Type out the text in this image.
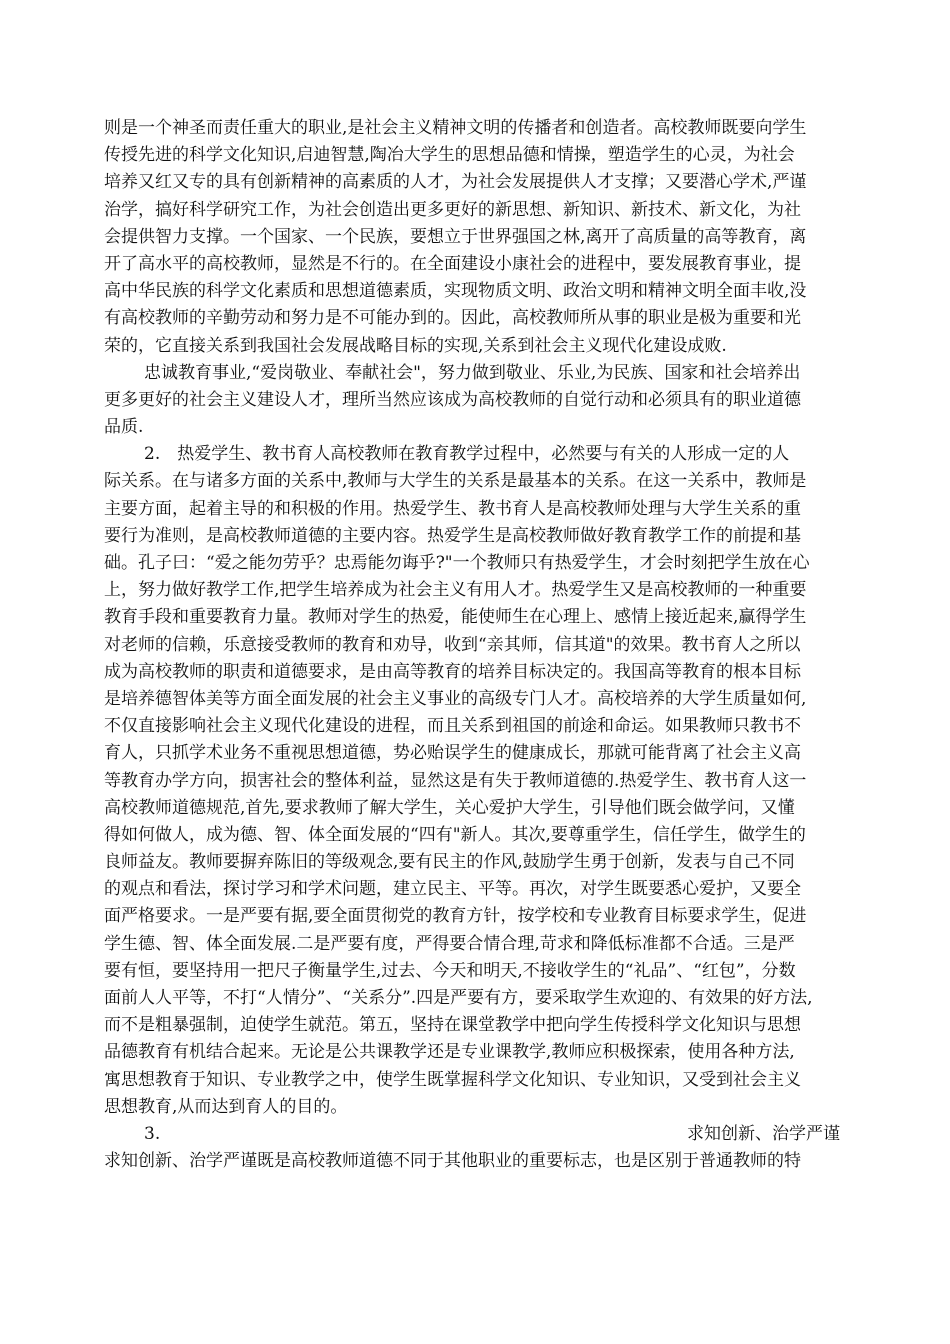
则是一个神圣而责任重大的职业,是社会主义精神文明的传播者和创造者。高校教师既要向学生
传授先进的科学文化知识,启迪智慧,陶冶大学生的思想品德和情操，塑造学生的心灵，为社会
培养又红又专的具有创新精神的高素质的人才，为社会发展提供人才支撑；又要潜心学术,严谨
治学，搞好科学研究工作，为社会创造出更多更好的新思想、新知识、新技术、新文化，为社
会提供智力支撑。一个国家、一个民族，要想立于世界强国之林,离开了高质量的高等教育，离
开了高水平的高校教师，显然是不行的。在全面建设小康社会的进程中，要发展教育事业，提
高中华民族的科学文化素质和思想道德素质，实现物质文明、政治文明和精神文明全面丰收,没
有高校教师的辛勤劳动和努力是不可能办到的。因此，高校教师所从事的职业是极为重要和光
荣的，它直接关系到我国社会发展战略目标的实现,关系到社会主义现代化建设成败.
忠诚教育事业,“爱岗敬业、奉献社会"，努力做到敬业、乐业,为民族、国家和社会培养出
更多更好的社会主义建设人才，理所当然应该成为高校教师的自觉行动和必须具有的职业道德
品质.
2.　热爱学生、教书育人高校教师在教育教学过程中，必然要与有关的人形成一定的人
际关系。在与诸多方面的关系中,教师与大学生的关系是最基本的关系。在这一关系中，教师是
主要方面，起着主导的和积极的作用。热爱学生、教书育人是高校教师处理与大学生关系的重
要行为准则，是高校教师道德的主要内容。热爱学生是高校教师做好教育教学工作的前提和基
础。孔子曰：“爱之能勿劳乎？忠焉能勿诲乎?"一个教师只有热爱学生，才会时刻把学生放在心
上，努力做好教学工作,把学生培养成为社会主义有用人才。热爱学生又是高校教师的一种重要
教育手段和重要教育力量。教师对学生的热爱，能使师生在心理上、感情上接近起来,赢得学生
对老师的信赖，乐意接受教师的教育和劝导，收到“亲其师，信其道"的效果。教书育人之所以
成为高校教师的职责和道德要求，是由高等教育的培养目标决定的。我国高等教育的根本目标
是培养德智体美等方面全面发展的社会主义事业的高级专门人才。高校培养的大学生质量如何,
不仅直接影响社会主义现代化建设的进程，而且关系到祖国的前途和命运。如果教师只教书不
育人，只抓学术业务不重视思想道德，势必贻误学生的健康成长，那就可能背离了社会主义高
等教育办学方向，损害社会的整体利益，显然这是有失于教师道德的.热爱学生、教书育人这一
高校教师道德规范,首先,要求教师了解大学生，关心爱护大学生，引导他们既会做学问，又懂
得如何做人，成为德、智、体全面发展的“四有"新人。其次,要尊重学生，信任学生，做学生的
良师益友。教师要摒弃陈旧的等级观念,要有民主的作风,鼓励学生勇于创新，发表与自己不同
的观点和看法，探讨学习和学术问题，建立民主、平等。再次，对学生既要悉心爱护，又要全
面严格要求。一是严要有据,要全面贯彻党的教育方针，按学校和专业教育目标要求学生，促进
学生德、智、体全面发展.二是严要有度，严得要合情合理,苛求和降低标准都不合适。三是严
要有恒，要坚持用一把尺子衡量学生,过去、今天和明天,不接收学生的“礼品”、“红包”，分数
面前人人平等，不打“人情分”、“关系分”.四是严要有方，要采取学生欢迎的、有效果的好方法,
而不是粗暴强制，迫使学生就范。第五，坚持在课堂教学中把向学生传授科学文化知识与思想
品德教育有机结合起来。无论是公共课教学还是专业课教学,教师应积极探索，使用各种方法,
寓思想教育于知识、专业教学之中，使学生既掌握科学文化知识、专业知识，又受到社会主义
思想教育,从而达到育人的目的。
3.	求知创新、治学严谨
求知创新、治学严谨既是高校教师道德不同于其他职业的重要标志，也是区别于普通教师的特
